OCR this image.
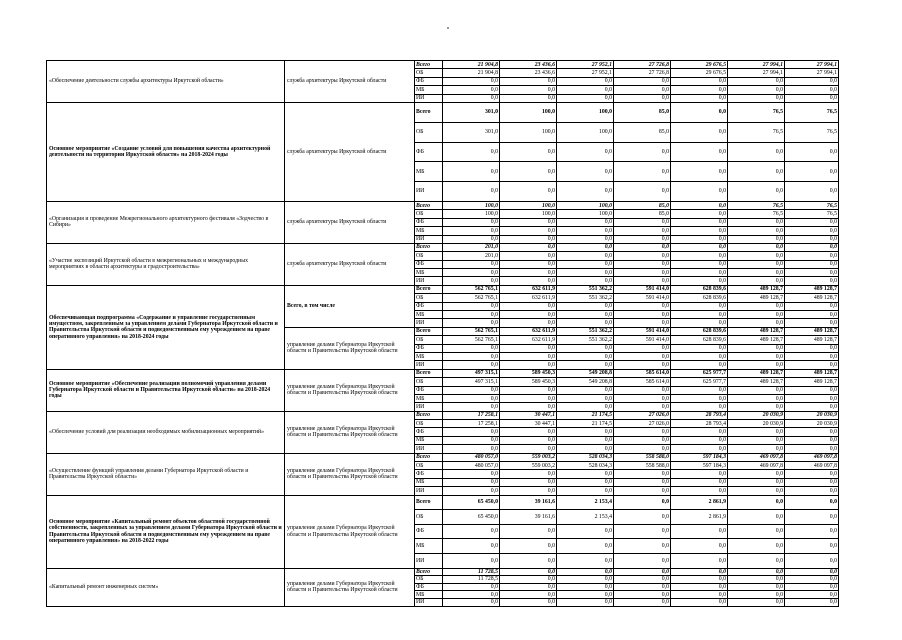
«Обеспечение деятельности службы архитектуры Иркутской области»	служба архитектуры Иркутской области	Всего	21 904,8	23 436,6	27 952,1	27 726,8	29 676,5	27 994,1	27 994,1
		ОБ	21 904,8	23 436,6	27 952,1	27 726,8	29 676,5	27 994,1	27 994,1
		ФБ	0,0	0,0	0,0	0,0	0,0	0,0	0,0
		МБ	0,0	0,0	0,0	0,0	0,0	0,0	0,0
		ИИ	0,0	0,0	0,0	0,0	0,0	0,0	0,0
Основное мероприятие «Создание условий для повышения качества архитектурной деятельности на территории Иркутской области» на 2018-2024 годы	служба архитектуры Иркутской области	Всего	301,0	100,0	100,0	85,0	0,0	76,5	76,5
		ОБ	301,0	100,0	100,0	85,0	0,0	76,5	76,5
		ФБ	0,0	0,0	0,0	0,0	0,0	0,0	0,0
		МБ	0,0	0,0	0,0	0,0	0,0	0,0	0,0
		ИИ	0,0	0,0	0,0	0,0	0,0	0,0	0,0
«Организация и проведение Межрегионального архитектурного фестиваля «Зодчество в Сибири»	служба архитектуры Иркутской области	Всего	100,0	100,0	100,0	85,0	0,0	76,5	76,5
		ОБ	100,0	100,0	100,0	85,0	0,0	76,5	76,5
		ФБ	0,0	0,0	0,0	0,0	0,0	0,0	0,0
		МБ	0,0	0,0	0,0	0,0	0,0	0,0	0,0
		ИИ	0,0	0,0	0,0	0,0	0,0	0,0	0,0
«Участие экспозиций Иркутской области в межрегиональных и международных мероприятиях в области архитектуры и градостроительства»	служба архитектуры Иркутской области	Всего	201,0	0,0	0,0	0,0	0,0	0,0	0,0
		ОБ	201,0	0,0	0,0	0,0	0,0	0,0	0,0
		ФБ	0,0	0,0	0,0	0,0	0,0	0,0	0,0
		МБ	0,0	0,0	0,0	0,0	0,0	0,0	0,0
		ИИ	0,0	0,0	0,0	0,0	0,0	0,0	0,0
Обеспечивающая подпрограмма «Содержание и управление государственным имуществом, закрепленным за управлением делами Губернатора Иркутской области и Правительства Иркутской области и подведомственным ему учреждением на праве оперативного управления» на 2018-2024 годы	Всего, в том числе	Всего	562 765,1	632 611,9	551 362,2	591 414,0	628 839,6	489 128,7	489 128,7
		ОБ	562 765,1	632 611,9	551 362,2	591 414,0	628 839,6	489 128,7	489 128,7
		ФБ	0,0	0,0	0,0	0,0	0,0	0,0	0,0
		МБ	0,0	0,0	0,0	0,0	0,0	0,0	0,0
		ИИ	0,0	0,0	0,0	0,0	0,0	0,0	0,0
	управление делами Губернатора Иркутской области и Правительства Иркутской области	Всего	562 765,1	632 611,9	551 362,2	591 414,0	628 839,6	489 128,7	489 128,7
		ОБ	562 765,1	632 611,9	551 362,2	591 414,0	628 839,6	489 128,7	489 128,7
		ФБ	0,0	0,0	0,0	0,0	0,0	0,0	0,0
		МБ	0,0	0,0	0,0	0,0	0,0	0,0	0,0
		ИИ	0,0	0,0	0,0	0,0	0,0	0,0	0,0
Основное мероприятие «Обеспечение реализации полномочий управления делами Губернатора Иркутской области и Правительства Иркутской области» на 2018-2024 годы	управление делами Губернатора Иркутской области и Правительства Иркутской области	Всего	497 315,1	589 450,3	549 208,8	585 614,0	625 977,7	489 128,7	489 128,7
		ОБ	497 315,1	589 450,3	549 208,8	585 614,0	625 977,7	489 128,7	489 128,7
		ФБ	0,0	0,0	0,0	0,0	0,0	0,0	0,0
		МБ	0,0	0,0	0,0	0,0	0,0	0,0	0,0
		ИИ	0,0	0,0	0,0	0,0	0,0	0,0	0,0
«Обеспечение условий для реализации необходимых мобилизационных мероприятий»	управление делами Губернатора Иркутской области и Правительства Иркутской области	Всего	17 258,1	30 447,1	21 174,5	27 026,0	28 793,4	20 030,9	20 030,9
		ОБ	17 258,1	30 447,1	21 174,5	27 026,0	28 793,4	20 030,9	20 030,9
		ФБ	0,0	0,0	0,0	0,0	0,0	0,0	0,0
		МБ	0,0	0,0	0,0	0,0	0,0	0,0	0,0
		ИИ	0,0	0,0	0,0	0,0	0,0	0,0	0,0
«Осуществление функций управления делами Губернатора Иркутской области и Правительства Иркутской области»	управление делами Губернатора Иркутской области и Правительства Иркутской области	Всего	480 057,0	559 003,2	528 034,3	558 588,0	597 184,3	469 097,8	469 097,8
		ОБ	480 057,0	559 003,2	528 034,3	558 588,0	597 184,3	469 097,8	469 097,8
		ФБ	0,0	0,0	0,0	0,0	0,0	0,0	0,0
		МБ	0,0	0,0	0,0	0,0	0,0	0,0	0,0
		ИИ	0,0	0,0	0,0	0,0	0,0	0,0	0,0
Основное мероприятие «Капитальный ремонт объектов областной государственной собственности, закрепленных за управлением делами Губернатора Иркутской области и Правительства Иркутской области и подведомственным ему учреждением на праве оперативного управления» на 2018-2022 годы	управление делами Губернатора Иркутской области и Правительства Иркутской области	Всего	65 450,0	39 161,6	2 153,4	0,0	2 861,9	0,0	0,0
		ОБ	65 450,0	39 161,6	2 153,4	0,0	2 861,9	0,0	0,0
		ФБ	0,0	0,0	0,0	0,0	0,0	0,0	0,0
		МБ	0,0	0,0	0,0	0,0	0,0	0,0	0,0
		ИИ	0,0	0,0	0,0	0,0	0,0	0,0	0,0
«Капитальный ремонт инженерных систем»	управление делами Губернатора Иркутской области и Правительства Иркутской области	Всего	11 728,5	0,0	0,0	0,0	0,0	0,0	0,0
		ОБ	11 728,5	0,0	0,0	0,0	0,0	0,0	0,0
		ФБ	0,0	0,0	0,0	0,0	0,0	0,0	0,0
		МБ	0,0	0,0	0,0	0,0	0,0	0,0	0,0
		ИИ	0,0	0,0	0,0	0,0	0,0	0,0	0,0
